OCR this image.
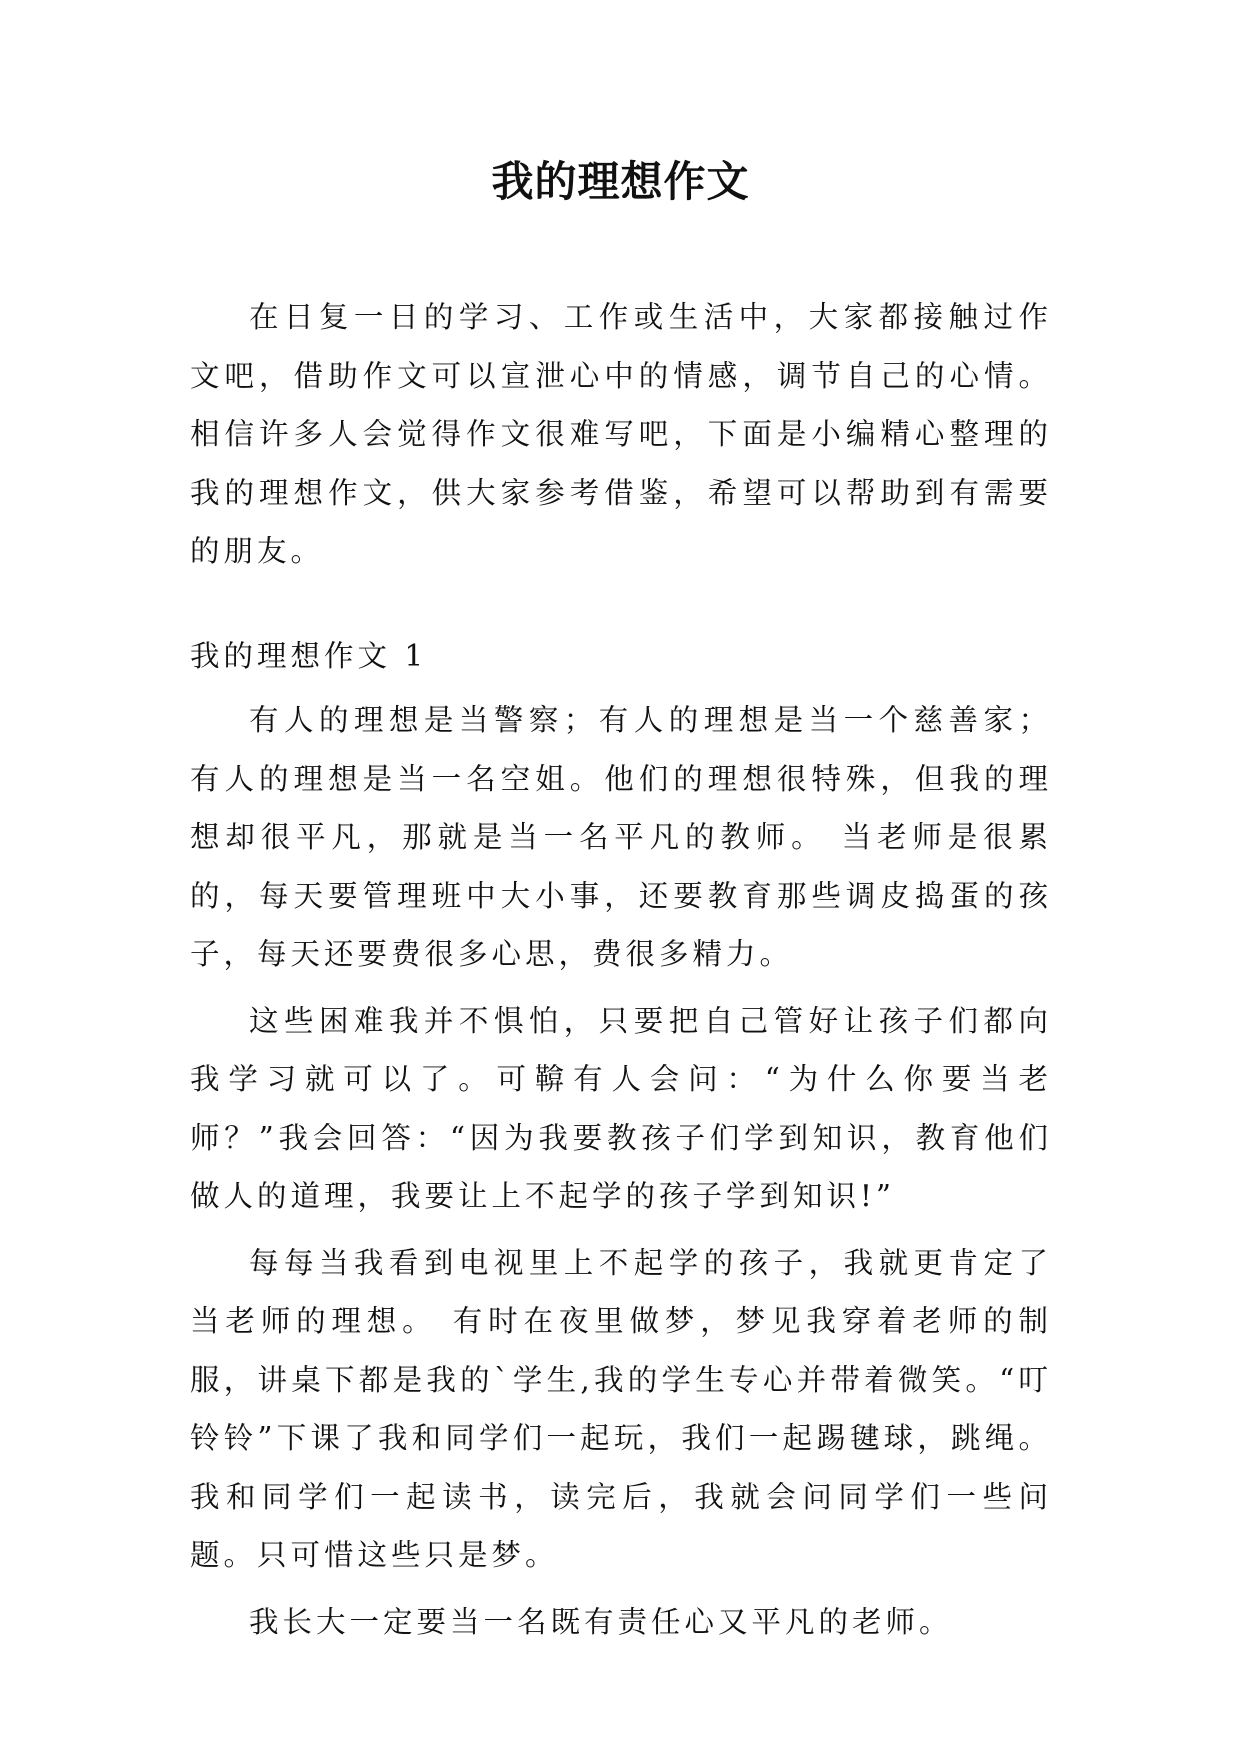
我的理想作文

在日复一日的学习、工作或生活中，大家都接触过作文吧，借助作文可以宣泄心中的情感，调节自己的心情。相信许多人会觉得作文很难写吧，下面是小编精心整理的我的理想作文，供大家参考借鉴，希望可以帮助到有需要的朋友。

我的理想作文 1

有人的理想是当警察；有人的理想是当一个慈善家；有人的理想是当一名空姐。他们的理想很特殊，但我的理想却很平凡，那就是当一名平凡的教师。 当老师是很累的，每天要管理班中大小事，还要教育那些调皮捣蛋的孩子，每天还要费很多心思，费很多精力。

这些困难我并不惧怕，只要把自己管好让孩子们都向我学习就可以了。可鞥有人会问：“为什么你要当老师？”我会回答：“因为我要教孩子们学到知识，教育他们做人的道理，我要让上不起学的孩子学到知识!”

每每当我看到电视里上不起学的孩子，我就更肯定了当老师的理想。 有时在夜里做梦，梦见我穿着老师的制服，讲桌下都是我的`学生,我的学生专心并带着微笑。“叮铃铃”下课了我和同学们一起玩，我们一起踢毽球，跳绳。我和同学们一起读书，读完后，我就会问同学们一些问题。只可惜这些只是梦。

我长大一定要当一名既有责任心又平凡的老师。
